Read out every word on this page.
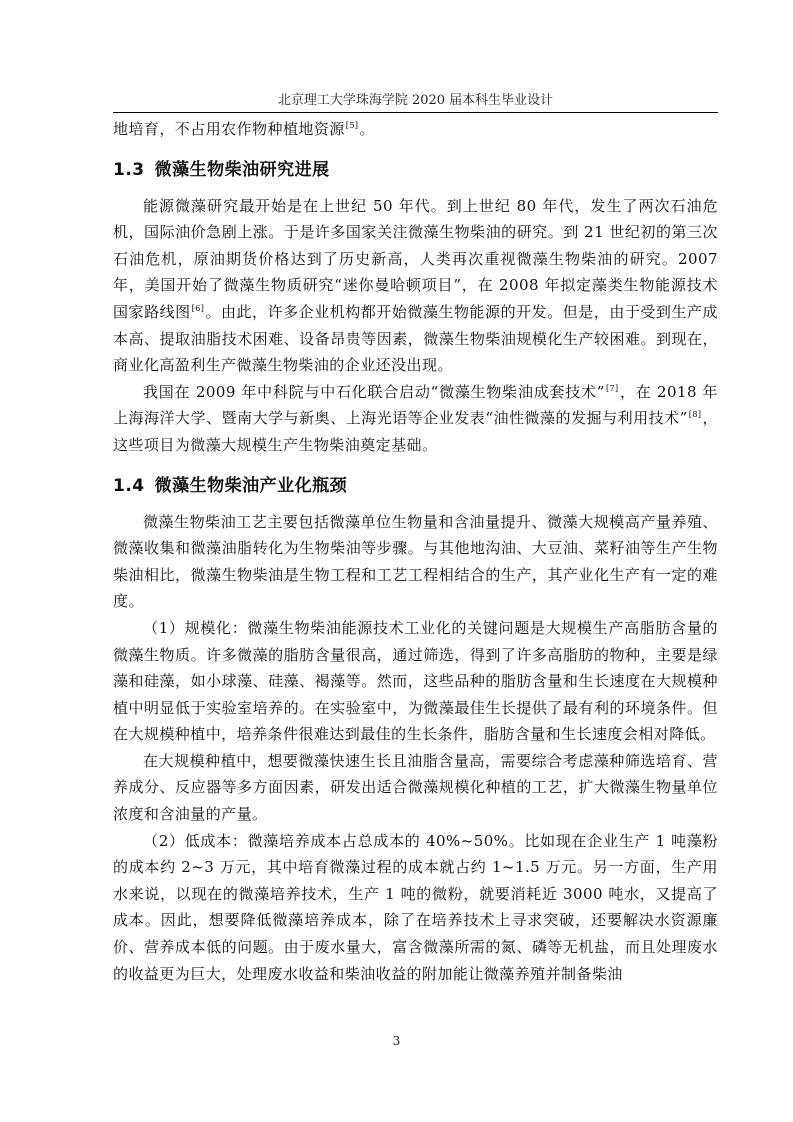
北京理工大学珠海学院 2020 届本科生毕业设计

地培育，不占用农作物种植地资源[5]。

1.3 微藻生物柴油研究进展

能源微藻研究最开始是在上世纪 50 年代。到上世纪 80 年代，发生了两次石油危机，国际油价急剧上涨。于是许多国家关注微藻生物柴油的研究。到 21 世纪初的第三次石油危机，原油期货价格达到了历史新高，人类再次重视微藻生物柴油的研究。2007 年，美国开始了微藻生物质研究“迷你曼哈顿项目”，在 2008 年拟定藻类生物能源技术国家路线图[6]。由此，许多企业机构都开始微藻生物能源的开发。但是，由于受到生产成本高、提取油脂技术困难、设备昂贵等因素，微藻生物柴油规模化生产较困难。到现在，商业化高盈利生产微藻生物柴油的企业还没出现。

我国在 2009 年中科院与中石化联合启动“微藻生物柴油成套技术”[7]，在 2018 年上海海洋大学、暨南大学与新奥、上海光语等企业发表“油性微藻的发掘与利用技术”[8]，这些项目为微藻大规模生产生物柴油奠定基础。

1.4 微藻生物柴油产业化瓶颈

微藻生物柴油工艺主要包括微藻单位生物量和含油量提升、微藻大规模高产量养殖、微藻收集和微藻油脂转化为生物柴油等步骤。与其他地沟油、大豆油、菜籽油等生产生物柴油相比，微藻生物柴油是生物工程和工艺工程相结合的生产，其产业化生产有一定的难度。

（1）规模化：微藻生物柴油能源技术工业化的关键问题是大规模生产高脂肪含量的微藻生物质。许多微藻的脂肪含量很高，通过筛选，得到了许多高脂肪的物种，主要是绿藻和硅藻，如小球藻、硅藻、褐藻等。然而，这些品种的脂肪含量和生长速度在大规模种植中明显低于实验室培养的。在实验室中，为微藻最佳生长提供了最有利的环境条件。但在大规模种植中，培养条件很难达到最佳的生长条件，脂肪含量和生长速度会相对降低。

在大规模种植中，想要微藻快速生长且油脂含量高，需要综合考虑藻种筛选培育、营养成分、反应器等多方面因素，研发出适合微藻规模化种植的工艺，扩大微藻生物量单位浓度和含油量的产量。

（2）低成本：微藻培养成本占总成本的 40%~50%。比如现在企业生产 1 吨藻粉的成本约 2~3 万元，其中培育微藻过程的成本就占约 1~1.5 万元。另一方面，生产用水来说，以现在的微藻培养技术，生产 1 吨的微粉，就要消耗近 3000 吨水，又提高了成本。因此，想要降低微藻培养成本，除了在培养技术上寻求突破，还要解决水资源廉价、营养成本低的问题。由于废水量大，富含微藻所需的氮、磷等无机盐，而且处理废水的收益更为巨大，处理废水收益和柴油收益的附加能让微藻养殖并制备柴油

3
